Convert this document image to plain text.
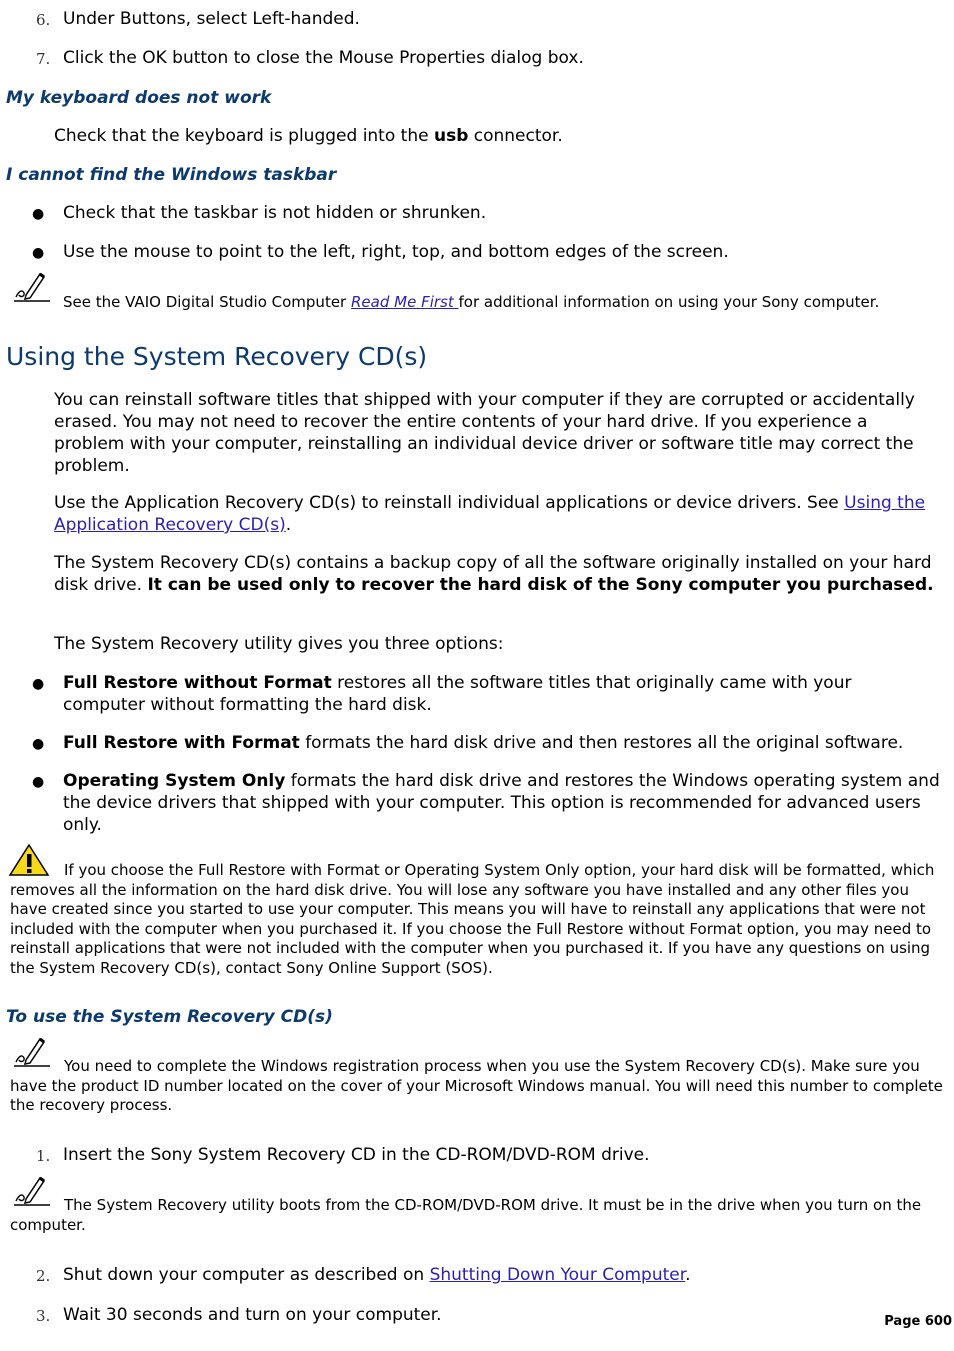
6. Under Buttons, select Left-handed.

7. Click the OK button to close the Mouse Properties dialog box.

My keyboard does not work

Check that the keyboard is plugged into the usb connector.

I cannot find the Windows taskbar
● Check that the taskbar is not hidden or shrunken.

● Use the mouse to point to the left, right, top, and bottom edges of the screen.

See the VAIO Digital Studio Computer Read Me First for additional information on using your Sony computer.

Using the System Recovery CD(s)

You can reinstall software titles that shipped with your computer if they are corrupted or accidentally erased. You may not need to recover the entire contents of your hard drive. If you experience a problem with your computer, reinstalling an individual device driver or software title may correct the problem.

Use the Application Recovery CD(s) to reinstall individual applications or device drivers. See Using the Application Recovery CD(s).

The System Recovery CD(s) contains a backup copy of all the software originally installed on your hard disk drive. It can be used only to recover the hard disk of the Sony computer you purchased.

The System Recovery utility gives you three options:

● Full Restore without Format restores all the software titles that originally came with your computer without formatting the hard disk.

● Full Restore with Format formats the hard disk drive and then restores all the original software.

● Operating System Only formats the hard disk drive and restores the Windows operating system and the device drivers that shipped with your computer. This option is recommended for advanced users only.

If you choose the Full Restore with Format or Operating System Only option, your hard disk will be formatted, which removes all the information on the hard disk drive. You will lose any software you have installed and any other files you have created since you started to use your computer. This means you will have to reinstall any applications that were not included with the computer when you purchased it. If you choose the Full Restore without Format option, you may need to reinstall applications that were not included with the computer when you purchased it. If you have any questions on using the System Recovery CD(s), contact Sony Online Support (SOS).

To use the System Recovery CD(s)

You need to complete the Windows registration process when you use the System Recovery CD(s). Make sure you have the product ID number located on the cover of your Microsoft Windows manual. You will need this number to complete the recovery process.

1. Insert the Sony System Recovery CD in the CD-ROM/DVD-ROM drive.

The System Recovery utility boots from the CD-ROM/DVD-ROM drive. It must be in the drive when you turn on the computer.

2. Shut down your computer as described on Shutting Down Your Computer.

3. Wait 30 seconds and turn on your computer.	Page 600
